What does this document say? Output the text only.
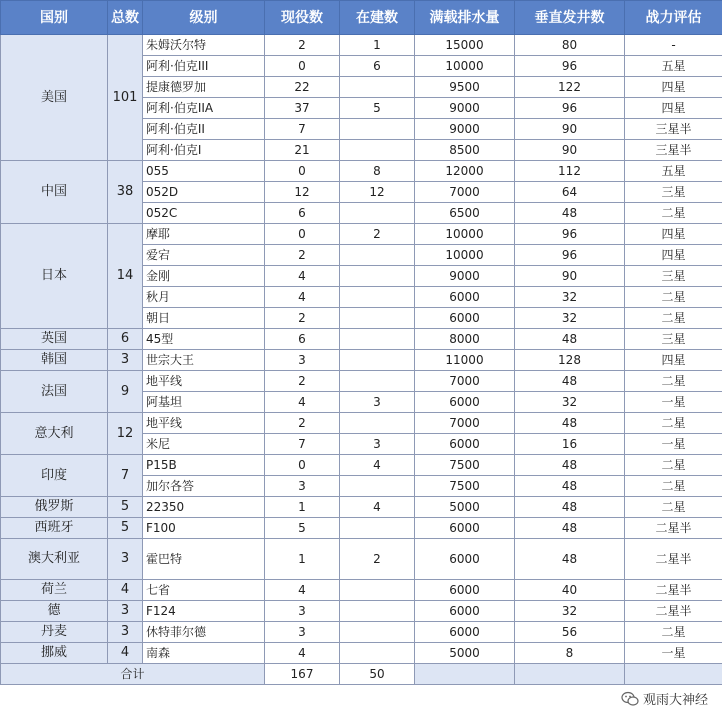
国别	总数	级别	现役数	在建数	满载排水量	垂直发井数	战力评估
美国	101	朱姆沃尔特	2	1	15000	80	-
		阿利·伯克III	0	6	10000	96	五星
		提康德罗加	22		9500	122	四星
		阿利·伯克IIA	37	5	9000	96	四星
		阿利·伯克II	7		9000	90	三星半
		阿利·伯克I	21		8500	90	三星半
中国	38	055	0	8	12000	112	五星
		052D	12	12	7000	64	三星
		052C	6		6500	48	二星
日本	14	摩耶	0	2	10000	96	四星
		爱宕	2		10000	96	四星
		金刚	4		9000	90	三星
		秋月	4		6000	32	二星
		朝日	2		6000	32	二星
英国	6	45型	6		8000	48	三星
韩国	3	世宗大王	3		11000	128	四星
法国	9	地平线	2		7000	48	二星
		阿基坦	4	3	6000	32	一星
意大利	12	地平线	2		7000	48	二星
		米尼	7	3	6000	16	一星
印度	7	P15B	0	4	7500	48	二星
		加尔各答	3		7500	48	二星
俄罗斯	5	22350	1	4	5000	48	二星
西班牙	5	F100	5		6000	48	二星半
澳大利亚	3	霍巴特	1	2	6000	48	二星半
荷兰	4	七省	4		6000	40	二星半
德	3	F124	3		6000	32	二星半
丹麦	3	休特菲尔德	3		6000	56	二星
挪威	4	南森	4		5000	8	一星
合计			167	50			
观雨大神经
